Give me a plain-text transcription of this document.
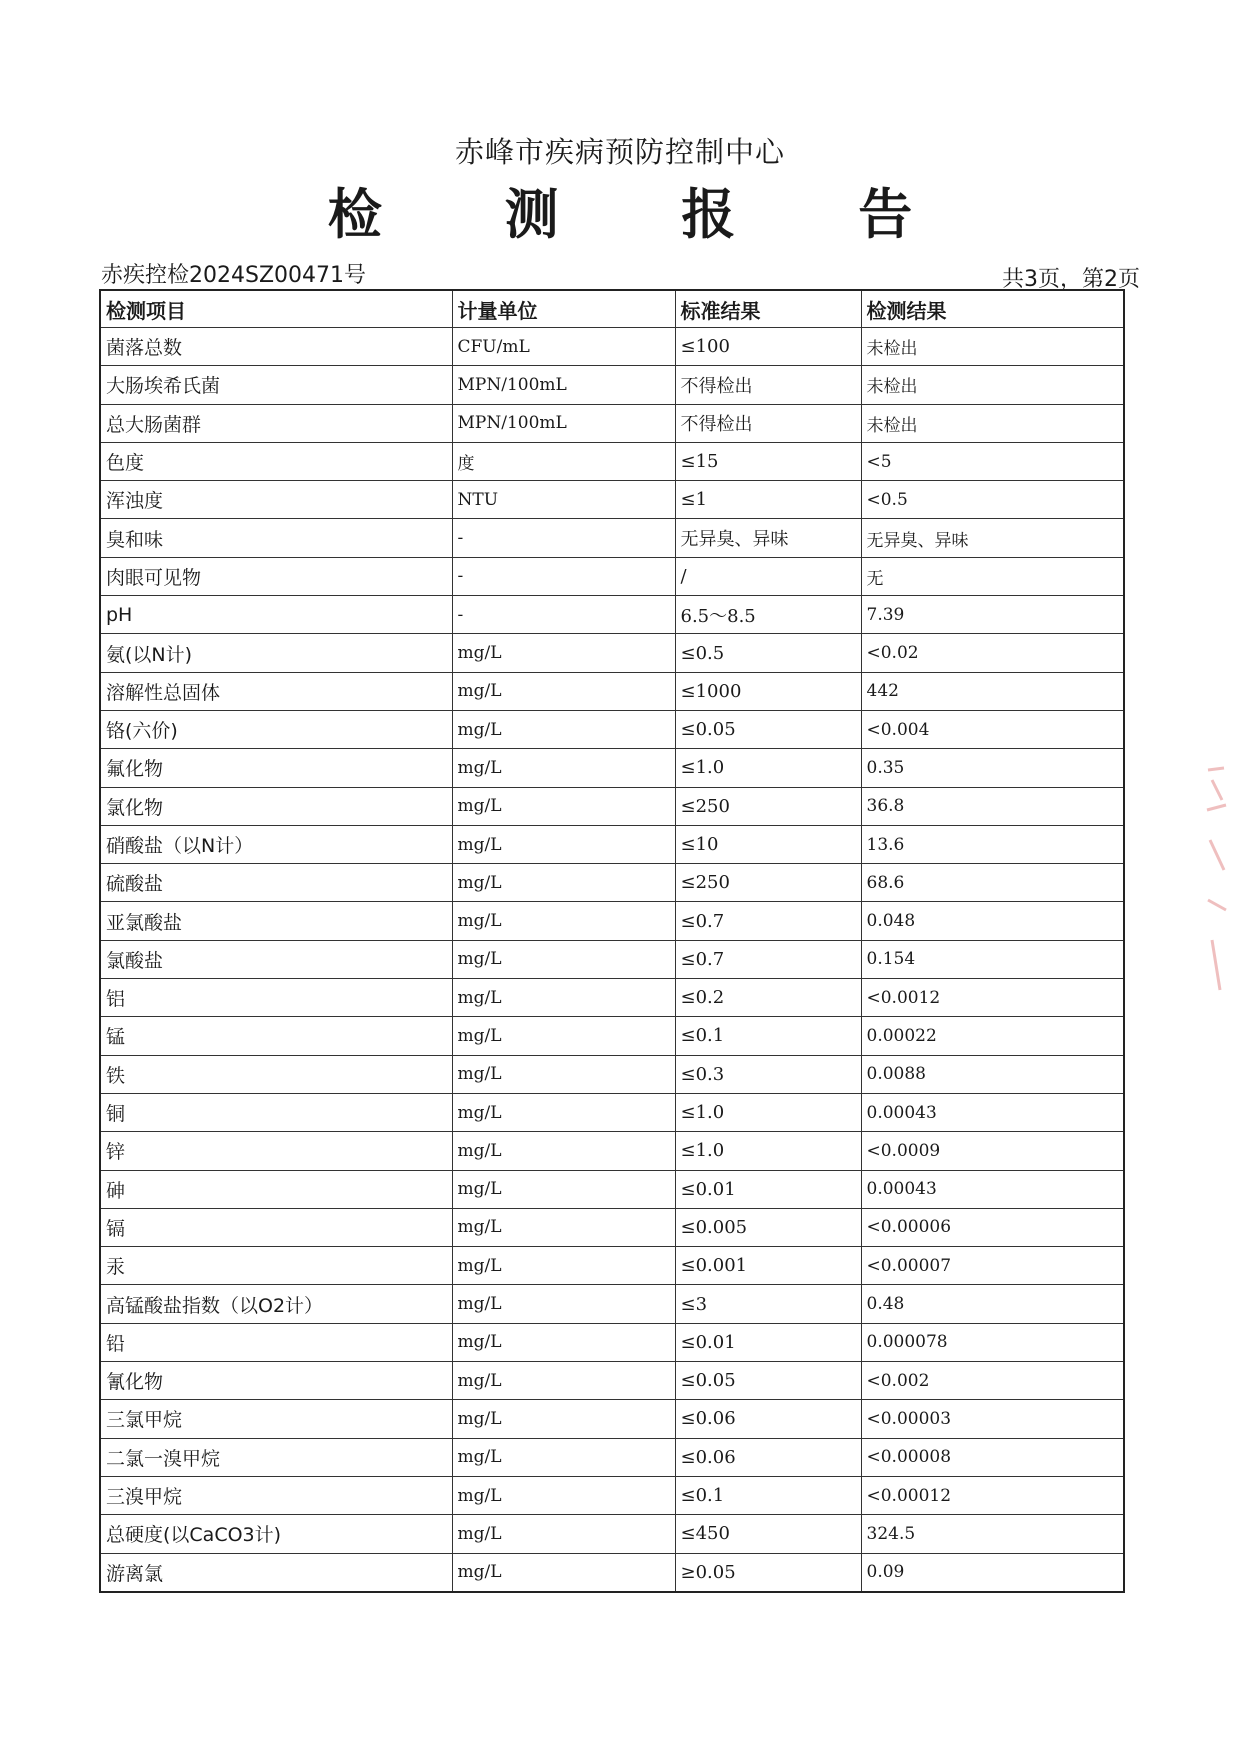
赤峰市疾病预防控制中心
检 测 报 告
赤疾控检2024SZ00471号	共3页，第2页
检测项目	计量单位	标准结果	检测结果
菌落总数	CFU/mL	≤100	未检出
大肠埃希氏菌	MPN/100mL	不得检出	未检出
总大肠菌群	MPN/100mL	不得检出	未检出
色度	度	≤15	<5
浑浊度	NTU	≤1	<0.5
臭和味	-	无异臭、异味	无异臭、异味
肉眼可见物	-	/	无
pH	-	6.5～8.5	7.39
氨(以N计)	mg/L	≤0.5	<0.02
溶解性总固体	mg/L	≤1000	442
铬(六价)	mg/L	≤0.05	<0.004
氟化物	mg/L	≤1.0	0.35
氯化物	mg/L	≤250	36.8
硝酸盐（以N计）	mg/L	≤10	13.6
硫酸盐	mg/L	≤250	68.6
亚氯酸盐	mg/L	≤0.7	0.048
氯酸盐	mg/L	≤0.7	0.154
铝	mg/L	≤0.2	<0.0012
锰	mg/L	≤0.1	0.00022
铁	mg/L	≤0.3	0.0088
铜	mg/L	≤1.0	0.00043
锌	mg/L	≤1.0	<0.0009
砷	mg/L	≤0.01	0.00043
镉	mg/L	≤0.005	<0.00006
汞	mg/L	≤0.001	<0.00007
高锰酸盐指数（以O2计）	mg/L	≤3	0.48
铅	mg/L	≤0.01	0.000078
氰化物	mg/L	≤0.05	<0.002
三氯甲烷	mg/L	≤0.06	<0.00003
二氯一溴甲烷	mg/L	≤0.06	<0.00008
三溴甲烷	mg/L	≤0.1	<0.00012
总硬度(以CaCO3计)	mg/L	≤450	324.5
游离氯	mg/L	≥0.05	0.09
